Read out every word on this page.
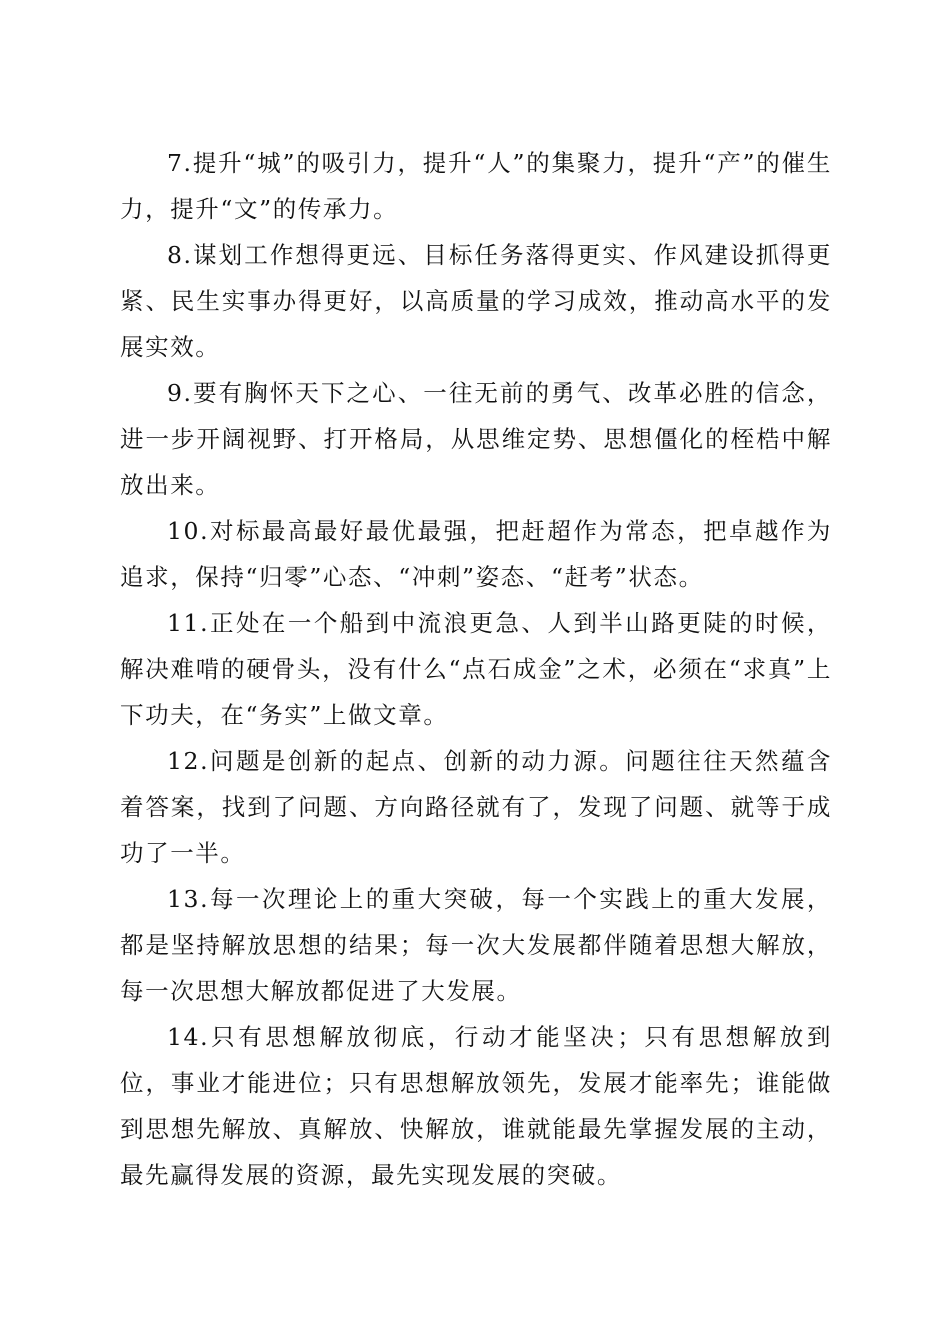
7.提升“城”的吸引力，提升“人”的集聚力，提升“产”的催生力，提升“文”的传承力。

8.谋划工作想得更远、目标任务落得更实、作风建设抓得更紧、民生实事办得更好，以高质量的学习成效，推动高水平的发展实效。

9.要有胸怀天下之心、一往无前的勇气、改革必胜的信念，进一步开阔视野、打开格局，从思维定势、思想僵化的桎梏中解放出来。

10.对标最高最好最优最强，把赶超作为常态，把卓越作为追求，保持“归零”心态、“冲刺”姿态、“赶考”状态。

11.正处在一个船到中流浪更急、人到半山路更陡的时候，解决难啃的硬骨头，没有什么“点石成金”之术，必须在“求真”上下功夫，在“务实”上做文章。

12.问题是创新的起点、创新的动力源。问题往往天然蕴含着答案，找到了问题、方向路径就有了，发现了问题、就等于成功了一半。

13.每一次理论上的重大突破，每一个实践上的重大发展，都是坚持解放思想的结果；每一次大发展都伴随着思想大解放，每一次思想大解放都促进了大发展。

14.只有思想解放彻底，行动才能坚决；只有思想解放到位，事业才能进位；只有思想解放领先，发展才能率先；谁能做到思想先解放、真解放、快解放，谁就能最先掌握发展的主动，最先赢得发展的资源，最先实现发展的突破。
